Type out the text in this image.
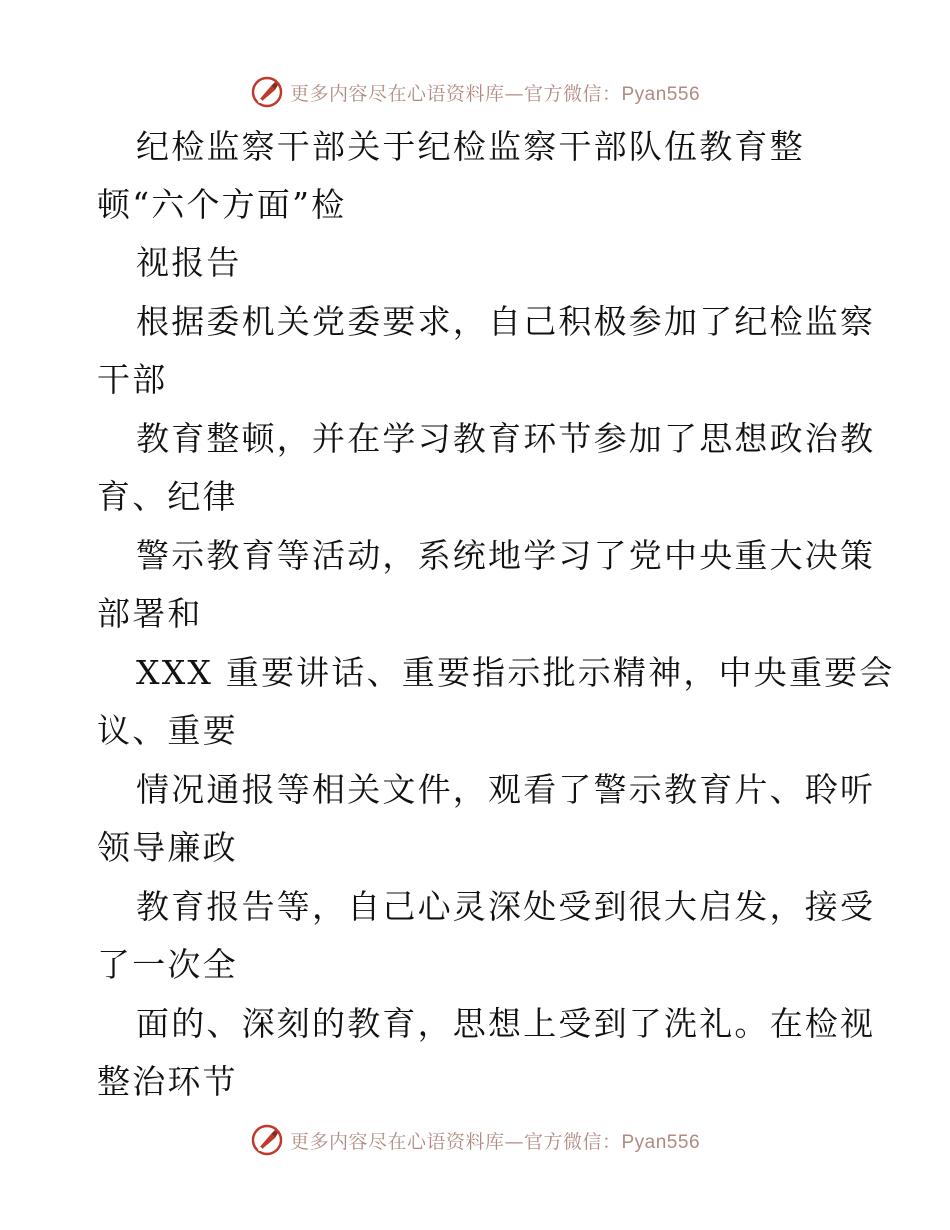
更多内容尽在心语资料库—官方微信：Pyan556
纪检监察干部关于纪检监察干部队伍教育整
顿“六个方面”检
视报告
根据委机关党委要求，自己积极参加了纪检监察
干部
教育整顿，并在学习教育环节参加了思想政治教
育、纪律
警示教育等活动，系统地学习了党中央重大决策
部署和
XXX 重要讲话、重要指示批示精神，中央重要会
议、重要
情况通报等相关文件，观看了警示教育片、聆听
领导廉政
教育报告等，自己心灵深处受到很大启发，接受
了一次全
面的、深刻的教育，思想上受到了洗礼。在检视
整治环节
更多内容尽在心语资料库—官方微信：Pyan556
